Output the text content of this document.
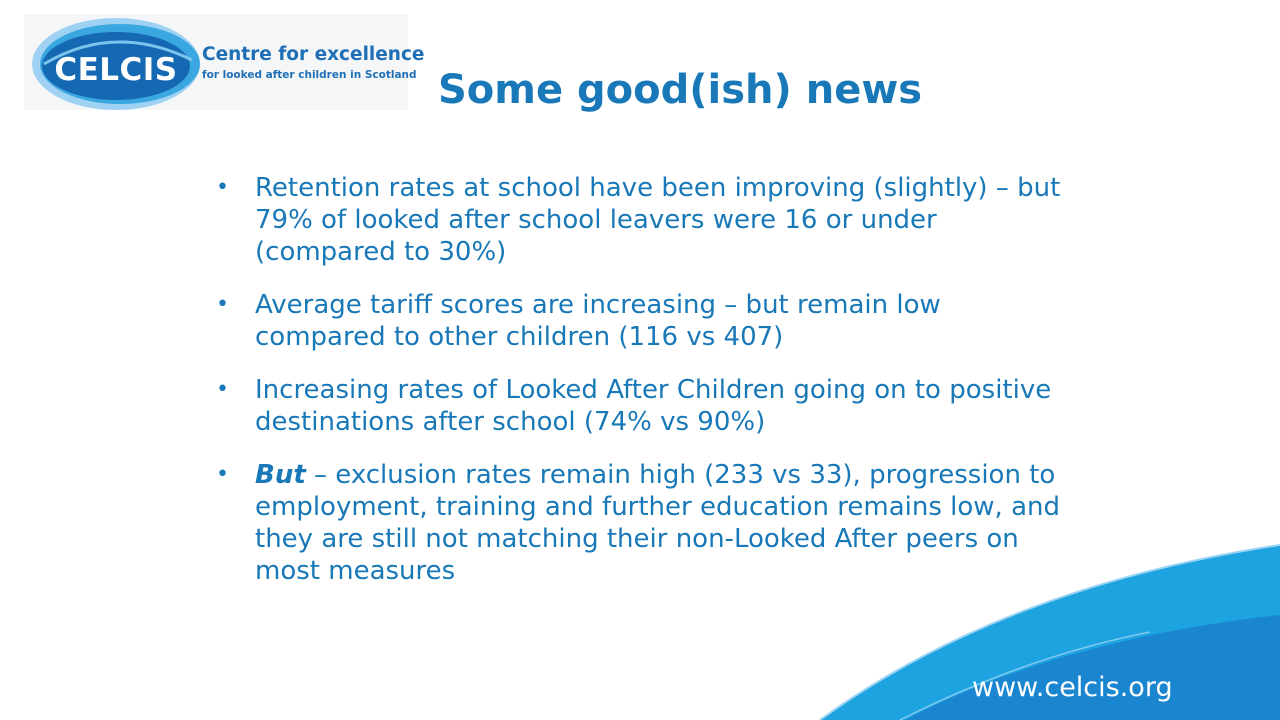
CELCIS	Centre for excellence
for looked after children in Scotland Some good(ish) news
• Retention rates at school have been improving (slightly) – but 79% of looked after school leavers were 16 or under (compared to 30%)
• Average tariff scores are increasing – but remain low compared to other children (116 vs 407)
• Increasing rates of Looked After Children going on to positive destinations after school (74% vs 90%)
• But – exclusion rates remain high (233 vs 33), progression to employment, training and further education remains low, and they are still not matching their non-Looked After peers on most measures
www.celcis.org
